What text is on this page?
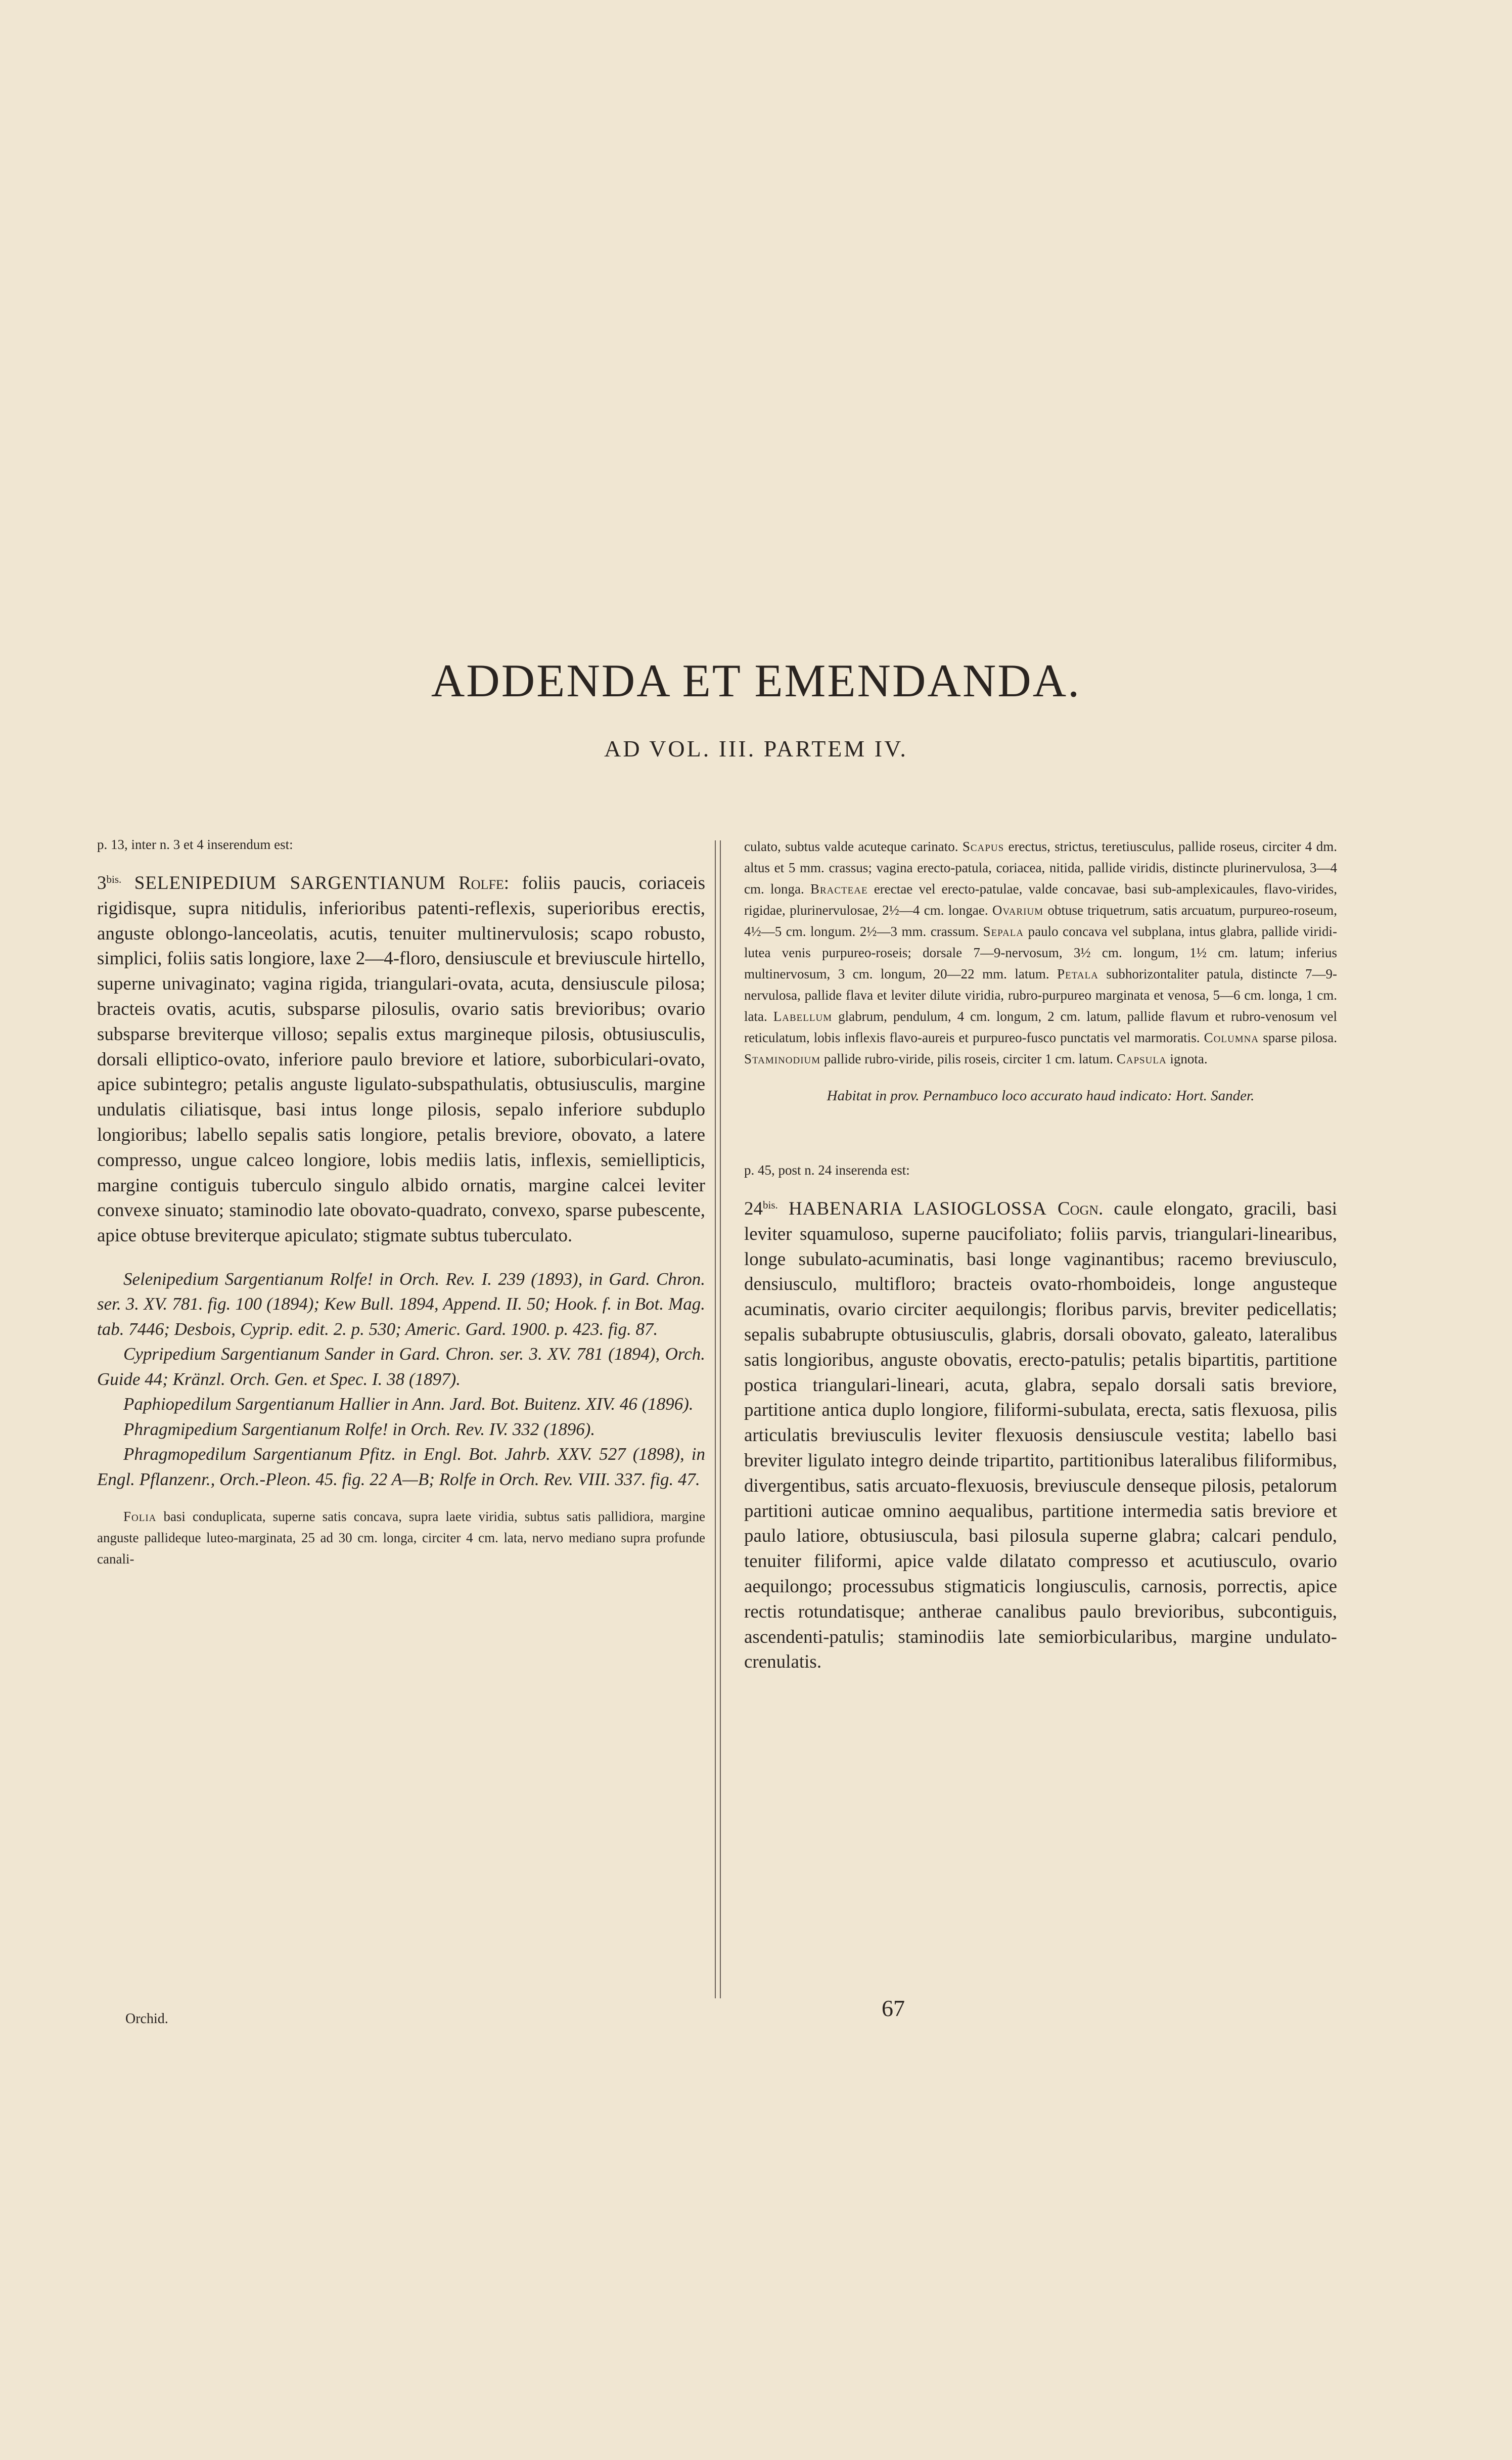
ADDENDA ET EMENDANDA.
AD VOL. III. PARTEM IV.

p. 13, inter n. 3 et 4 inserendum est:

$3^{bis.}$ SELENIPEDIUM SARGENTIANUM Rolfe: foliis paucis, coriaceis rigidisque, supra nitidulis, inferioribus patenti-reflexis, superioribus erectis, anguste oblongo-lanceolatis, acutis, tenuiter multinervulosis; scapo robusto, simplici, foliis satis longiore, laxe 2—4-floro, densiuscule et breviuscule hirtello, superne univaginato; vagina rigida, triangulari-ovata, acuta, densiuscule pilosa; bracteis ovatis, acutis, subsparse pilosulis, ovario satis brevioribus; ovario subsparse breviterque villoso; sepalis extus margineque pilosis, obtusiusculis, dorsali elliptico-ovato, inferiore paulo breviore et latiore, suborbiculari-ovato, apice subintegro; petalis anguste ligulato-subspathulatis, obtusiusculis, margine undulatis ciliatisque, basi intus longe pilosis, sepalo inferiore subduplo longioribus; labello sepalis satis longiore, petalis breviore, obovato, a latere compresso, ungue calceo longiore, lobis mediis latis, inflexis, semiellipticis, margine contiguis tuberculo singulo albido ornatis, margine calcei leviter convexe sinuato; staminodio late obovato-quadrato, convexo, sparse pubescente, apice obtuse breviterque apiculato; stigmate subtus tuberculato.

Selenipedium Sargentianum Rolfe! in Orch. Rev. I. 239 (1893), in Gard. Chron. ser. 3. XV. 781. fig. 100 (1894); Kew Bull. 1894, Append. II. 50; Hook. f. in Bot. Mag. tab. 7446; Desbois, Cyprip. edit. 2. p. 530; Americ. Gard. 1900. p. 423. fig. 87.

Cypripedium Sargentianum Sander in Gard. Chron. ser. 3. XV. 781 (1894), Orch. Guide 44; Kränzl. Orch. Gen. et Spec. I. 38 (1897).

Paphiopedilum Sargentianum Hallier in Ann. Jard. Bot. Buitenz. XIV. 46 (1896).

Phragmipedium Sargentianum Rolfe! in Orch. Rev. IV. 332 (1896).

Phragmopedilum Sargentianum Pfitz. in Engl. Bot. Jahrb. XXV. 527 (1898), in Engl. Pflanzenr., Orch.-Pleon. 45. fig. 22 A—B; Rolfe in Orch. Rev. VIII. 337. fig. 47.

Folia basi conduplicata, superne satis concava, supra laete viridia, subtus satis pallidiora, margine anguste pallideque luteo-marginata, 25 ad 30 cm. longa, circiter 4 cm. lata, nervo mediano supra profunde canali-

culato, subtus valde acuteque carinato. Scapus erectus, strictus, teretiusculus, pallide roseus, circiter 4 dm. altus et 5 mm. crassus; vagina erecto-patula, coriacea, nitida, pallide viridis, distincte plurinervulosa, 3—4 cm. longa. Bracteae erectae vel erecto-patulae, valde concavae, basi sub-amplexicaules, flavo-virides, rigidae, plurinervulosae, 2½—4 cm. longae. Ovarium obtuse triquetrum, satis arcuatum, purpureo-roseum, 4½—5 cm. longum. 2½—3 mm. crassum. Sepala paulo concava vel subplana, intus glabra, pallide viridi-lutea venis purpureo-roseis; dorsale 7—9-nervosum, 3½ cm. longum, 1½ cm. latum; inferius multinervosum, 3 cm. longum, 20—22 mm. latum. Petala subhorizontaliter patula, distincte 7—9-nervulosa, pallide flava et leviter dilute viridia, rubro-purpureo marginata et venosa, 5—6 cm. longa, 1 cm. lata. Labellum glabrum, pendulum, 4 cm. longum, 2 cm. latum, pallide flavum et rubro-venosum vel reticulatum, lobis inflexis flavo-aureis et purpureo-fusco punctatis vel marmoratis. Columna sparse pilosa. Staminodium pallide rubro-viride, pilis roseis, circiter 1 cm. latum. Capsula ignota.

Habitat in prov. Pernambuco loco accurato haud indicato: Hort. Sander.

p. 45, post n. 24 inserenda est:

$24^{bis.}$ HABENARIA LASIOGLOSSA Cogn. caule elongato, gracili, basi leviter squamuloso, superne paucifoliato; foliis parvis, triangulari-linearibus, longe subulato-acuminatis, basi longe vaginantibus; racemo breviusculo, densiusculo, multifloro; bracteis ovato-rhomboideis, longe angusteque acuminatis, ovario circiter aequilongis; floribus parvis, breviter pedicellatis; sepalis subabrupte obtusiusculis, glabris, dorsali obovato, galeato, lateralibus satis longioribus, anguste obovatis, erecto-patulis; petalis bipartitis, partitione postica triangulari-lineari, acuta, glabra, sepalo dorsali satis breviore, partitione antica duplo longiore, filiformi-subulata, erecta, satis flexuosa, pilis articulatis breviusculis leviter flexuosis densiuscule vestita; labello basi breviter ligulato integro deinde tripartito, partitionibus lateralibus filiformibus, divergentibus, satis arcuato-flexuosis, breviuscule denseque pilosis, petalorum partitioni auticae omnino aequalibus, partitione intermedia satis breviore et paulo latiore, obtusiuscula, basi pilosula superne glabra; calcari pendulo, tenuiter filiformi, apice valde dilatato compresso et acutiusculo, ovario aequilongo; processubus stigmaticis longiusculis, carnosis, porrectis, apice rectis rotundatisque; antherae canalibus paulo brevioribus, subcontiguis, ascendenti-patulis; staminodiis late semiorbicularibus, margine undulato-crenulatis.

Orchid.	67
